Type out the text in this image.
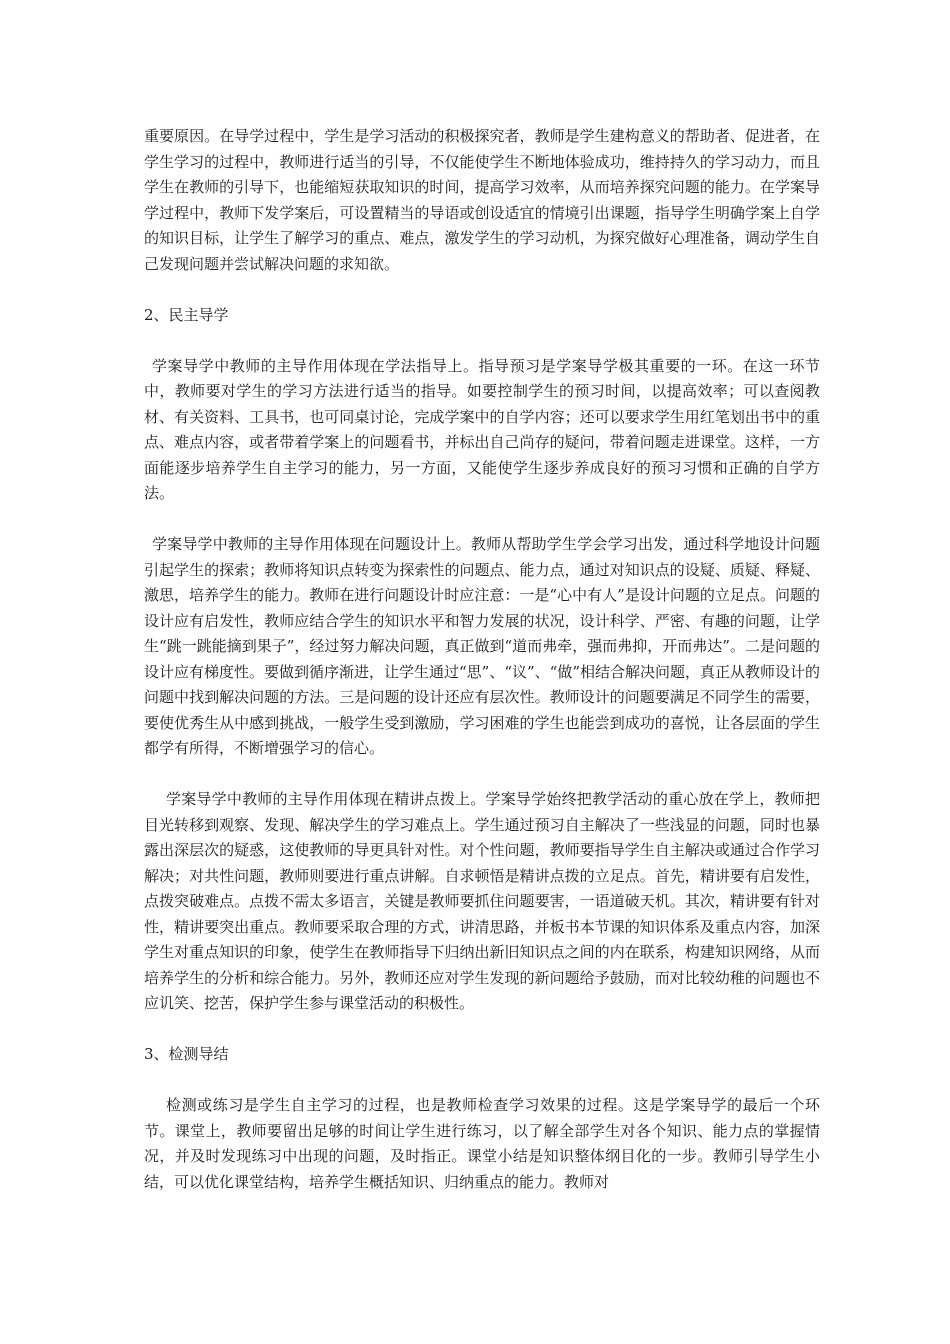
重要原因。在导学过程中，学生是学习活动的积极探究者，教师是学生建构意义的帮助者、促进者，在学生学习的过程中，教师进行适当的引导，不仅能使学生不断地体验成功，维持持久的学习动力，而且学生在教师的引导下，也能缩短获取知识的时间，提高学习效率，从而培养探究问题的能力。在学案导学过程中，教师下发学案后，可设置精当的导语或创设适宜的情境引出课题，指导学生明确学案上自学的知识目标，让学生了解学习的重点、难点，激发学生的学习动机，为探究做好心理准备，调动学生自己发现问题并尝试解决问题的求知欲。

2、民主导学

学案导学中教师的主导作用体现在学法指导上。指导预习是学案导学极其重要的一环。在这一环节中，教师要对学生的学习方法进行适当的指导。如要控制学生的预习时间，以提高效率；可以查阅教材、有关资料、工具书，也可同桌讨论，完成学案中的自学内容；还可以要求学生用红笔划出书中的重点、难点内容，或者带着学案上的问题看书，并标出自己尚存的疑问，带着问题走进课堂。这样，一方面能逐步培养学生自主学习的能力，另一方面，又能使学生逐步养成良好的预习习惯和正确的自学方法。

学案导学中教师的主导作用体现在问题设计上。教师从帮助学生学会学习出发，通过科学地设计问题引起学生的探索；教师将知识点转变为探索性的问题点、能力点，通过对知识点的设疑、质疑、释疑、激思，培养学生的能力。教师在进行问题设计时应注意：一是“心中有人”是设计问题的立足点。问题的设计应有启发性，教师应结合学生的知识水平和智力发展的状况，设计科学、严密、有趣的问题，让学生“跳一跳能摘到果子”，经过努力解决问题，真正做到“道而弗牵，强而弗抑，开而弗达”。二是问题的设计应有梯度性。要做到循序渐进，让学生通过“思”、“议”、“做”相结合解决问题，真正从教师设计的问题中找到解决问题的方法。三是问题的设计还应有层次性。教师设计的问题要满足不同学生的需要，要使优秀生从中感到挑战，一般学生受到激励，学习困难的学生也能尝到成功的喜悦，让各层面的学生都学有所得，不断增强学习的信心。

学案导学中教师的主导作用体现在精讲点拨上。学案导学始终把教学活动的重心放在学上，教师把目光转移到观察、发现、解决学生的学习难点上。学生通过预习自主解决了一些浅显的问题，同时也暴露出深层次的疑惑，这使教师的导更具针对性。对个性问题，教师要指导学生自主解决或通过合作学习解决；对共性问题，教师则要进行重点讲解。自求顿悟是精讲点拨的立足点。首先，精讲要有启发性，点拨突破难点。点拨不需太多语言，关键是教师要抓住问题要害，一语道破天机。其次，精讲要有针对性，精讲要突出重点。教师要采取合理的方式，讲清思路，并板书本节课的知识体系及重点内容，加深学生对重点知识的印象，使学生在教师指导下归纳出新旧知识点之间的内在联系，构建知识网络，从而培养学生的分析和综合能力。另外，教师还应对学生发现的新问题给予鼓励，而对比较幼稚的问题也不应讥笑、挖苦，保护学生参与课堂活动的积极性。

3、检测导结

检测或练习是学生自主学习的过程，也是教师检查学习效果的过程。这是学案导学的最后一个环节。课堂上，教师要留出足够的时间让学生进行练习，以了解全部学生对各个知识、能力点的掌握情况，并及时发现练习中出现的问题，及时指正。课堂小结是知识整体纲目化的一步。教师引导学生小结，可以优化课堂结构，培养学生概括知识、归纳重点的能力。教师对
